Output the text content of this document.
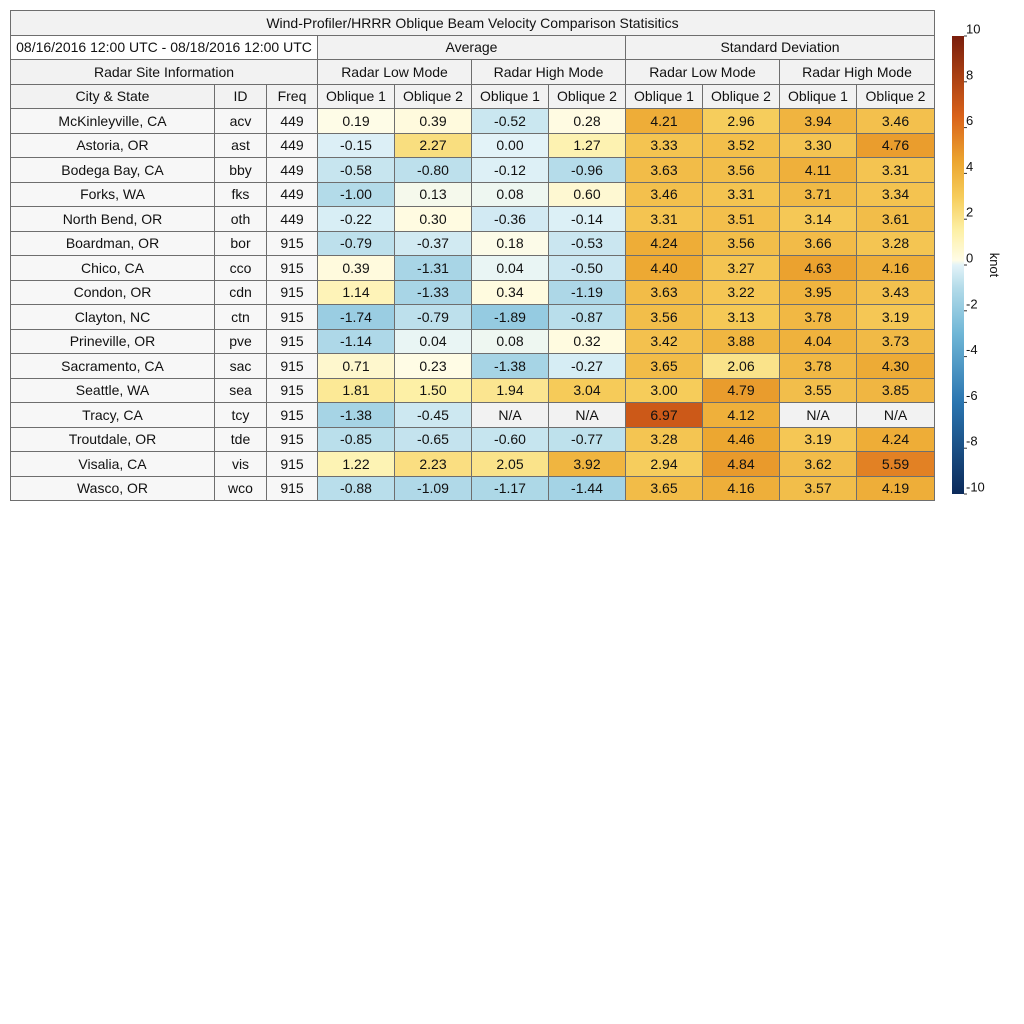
Wind-Profiler/HRRR Oblique Beam Velocity Comparison Statisitics										
08/16/2016 12:00 UTC - 08/18/2016 12:00 UTC			Average				Standard Deviation			
Radar Site Information			Radar Low Mode		Radar High Mode		Radar Low Mode		Radar High Mode	
City & State	ID	Freq	Oblique 1	Oblique 2	Oblique 1	Oblique 2	Oblique 1	Oblique 2	Oblique 1	Oblique 2
McKinleyville, CA	acv	449	0.19	0.39	-0.52	0.28	4.21	2.96	3.94	3.46
Astoria, OR	ast	449	-0.15	2.27	0.00	1.27	3.33	3.52	3.30	4.76
Bodega Bay, CA	bby	449	-0.58	-0.80	-0.12	-0.96	3.63	3.56	4.11	3.31
Forks, WA	fks	449	-1.00	0.13	0.08	0.60	3.46	3.31	3.71	3.34
North Bend, OR	oth	449	-0.22	0.30	-0.36	-0.14	3.31	3.51	3.14	3.61
Boardman, OR	bor	915	-0.79	-0.37	0.18	-0.53	4.24	3.56	3.66	3.28
Chico, CA	cco	915	0.39	-1.31	0.04	-0.50	4.40	3.27	4.63	4.16
Condon, OR	cdn	915	1.14	-1.33	0.34	-1.19	3.63	3.22	3.95	3.43
Clayton, NC	ctn	915	-1.74	-0.79	-1.89	-0.87	3.56	3.13	3.78	3.19
Prineville, OR	pve	915	-1.14	0.04	0.08	0.32	3.42	3.88	4.04	3.73
Sacramento, CA	sac	915	0.71	0.23	-1.38	-0.27	3.65	2.06	3.78	4.30
Seattle, WA	sea	915	1.81	1.50	1.94	3.04	3.00	4.79	3.55	3.85
Tracy, CA	tcy	915	-1.38	-0.45	N/A	N/A	6.97	4.12	N/A	N/A
Troutdale, OR	tde	915	-0.85	-0.65	-0.60	-0.77	3.28	4.46	3.19	4.24
Visalia, CA	vis	915	1.22	2.23	2.05	3.92	2.94	4.84	3.62	5.59
Wasco, OR	wco	915	-0.88	-1.09	-1.17	-1.44	3.65	4.16	3.57	4.19
10
8
6
4
2
0
-2
-4
-6
-8
-10
knot
